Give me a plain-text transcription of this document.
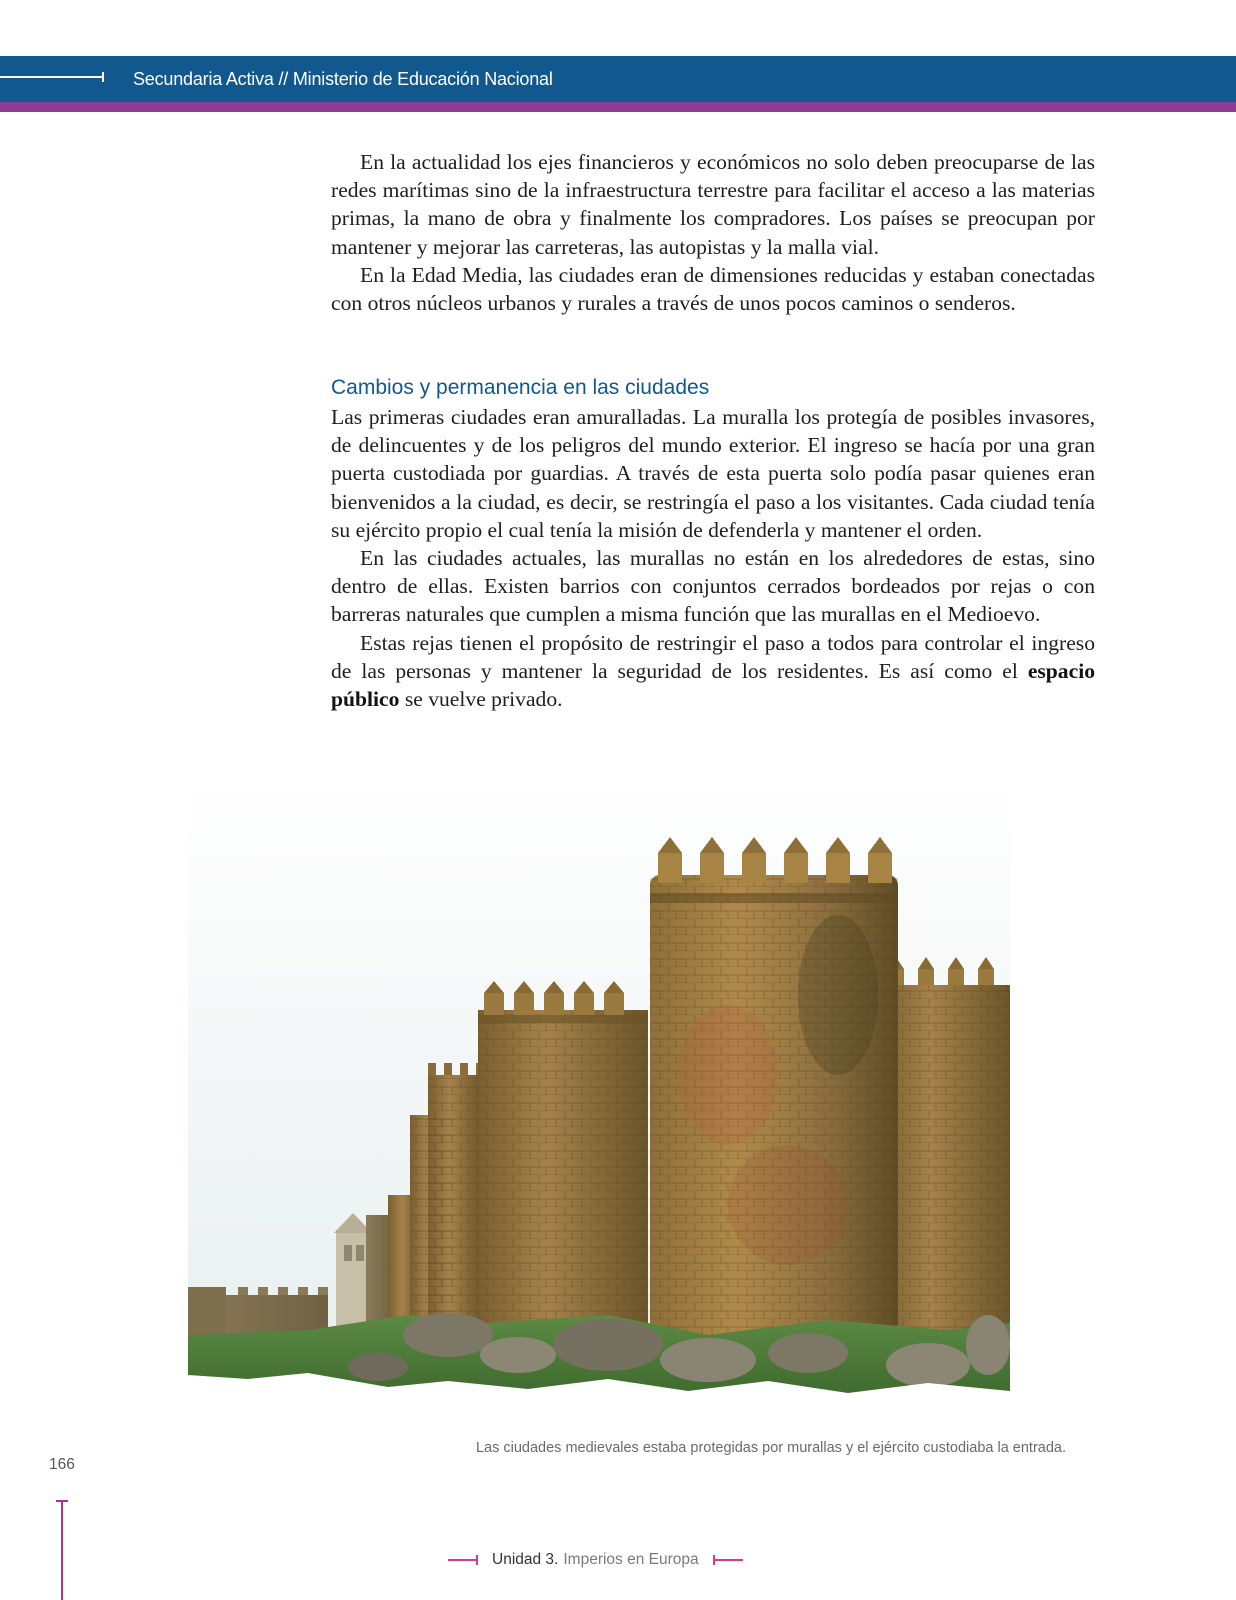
Secundaria Activa // Ministerio de Educación Nacional

En la actualidad los ejes financieros y económicos no solo deben preocuparse de las redes marítimas sino de la infraestructura terrestre para facilitar el acceso a las materias primas, la mano de obra y finalmente los compradores. Los países se preocupan por mantener y mejorar las carreteras, las autopistas y la malla vial.

En la Edad Media, las ciudades eran de dimensiones reducidas y estaban conectadas con otros núcleos urbanos y rurales a través de unos pocos caminos o senderos.

Cambios y permanencia en las ciudades

Las primeras ciudades eran amuralladas. La muralla los protegía de posibles invasores, de delincuentes y de los peligros del mundo exterior. El ingreso se hacía por una gran puerta custodiada por guardias. A través de esta puerta solo podía pasar quienes eran bienvenidos a la ciudad, es decir, se restringía el paso a los visitantes. Cada ciudad tenía su ejército propio el cual tenía la misión de defenderla y mantener el orden.

En las ciudades actuales, las murallas no están en los alrededores de estas, sino dentro de ellas. Existen barrios con conjuntos cerrados bordeados por rejas o con barreras naturales que cumplen a misma función que las murallas en el Medioevo.

Estas rejas tienen el propósito de restringir el paso a todos para controlar el ingreso de las personas y mantener la seguridad de los residentes. Es así como el espacio público se vuelve privado.

Las ciudades medievales estaba protegidas por murallas y el ejército custodiaba la entrada.
166
Unidad 3. Imperios en Europa
